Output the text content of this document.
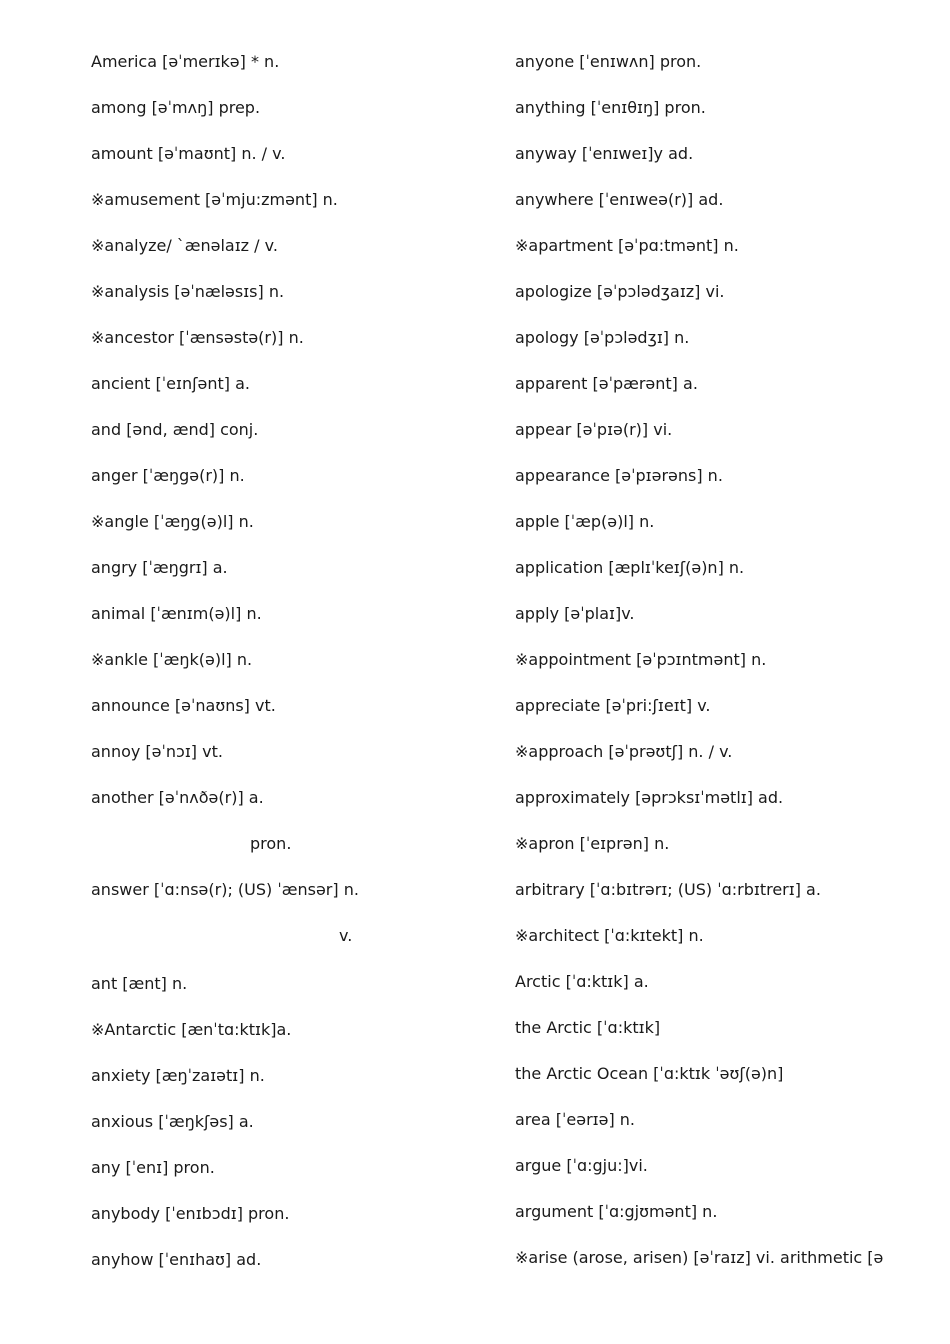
America [əˈmerɪkə] * n.
among [əˈmʌŋ] prep.
amount [əˈmaʊnt] n. / v.
※amusement [əˈmju:zmənt] n.
※analyze/ `ænəlaɪz / v.
※analysis [əˈnæləsɪs] n.
※ancestor [ˈænsəstə(r)] n.
ancient [ˈeɪnʃənt] a.
and [ənd, ænd] conj.
anger [ˈæŋgə(r)] n.
※angle [ˈæŋg(ə)l] n.
angry [ˈæŋgrɪ] a.
animal [ˈænɪm(ə)l] n.
※ankle [ˈæŋk(ə)l] n.
announce [əˈnaʊns] vt.
annoy [əˈnɔɪ] vt.
another [əˈnʌðə(r)] a.
pron.
answer [ˈɑ:nsə(r); (US) ˈænsər] n.
v.
ant [ænt] n.
※Antarctic [ænˈtɑ:ktɪk]a.
anxiety [æŋˈzaɪətɪ] n.
anxious [ˈæŋkʃəs] a.
any [ˈenɪ] pron.
anybody [ˈenɪbɔdɪ] pron.
anyhow [ˈenɪhaʊ] ad.
anyone [ˈenɪwʌn] pron.
anything [ˈenɪθɪŋ] pron.
anyway [ˈenɪweɪ]y ad.
anywhere [ˈenɪweə(r)] ad.
※apartment [əˈpɑ:tmənt] n.
apologize [əˈpɔlədʒaɪz] vi.
apology [əˈpɔlədʒɪ] n.
apparent [əˈpærənt] a.
appear [əˈpɪə(r)] vi.
appearance [əˈpɪərəns] n.
apple [ˈæp(ə)l] n.
application [æplɪˈkeɪʃ(ə)n] n.
apply [əˈplaɪ]v.
※appointment [əˈpɔɪntmənt] n.
appreciate [əˈpri:ʃɪeɪt] v.
※approach [əˈprəʊtʃ] n. / v.
approximately [əprɔksɪˈmətlɪ] ad.
※apron [ˈeɪprən] n.
arbitrary [ˈɑ:bɪtrərɪ; (US) ˈɑ:rbɪtrerɪ] a.
※architect [ˈɑ:kɪtekt] n.
Arctic [ˈɑ:ktɪk] a.
the Arctic [ˈɑ:ktɪk]
the Arctic Ocean [ˈɑ:ktɪk ˈəʊʃ(ə)n]
area [ˈeərɪə] n.
argue [ˈɑ:gju:]vi.
argument [ˈɑ:gjʊmənt] n.
※arise (arose, arisen) [əˈraɪz] vi. arithmetic [ə
